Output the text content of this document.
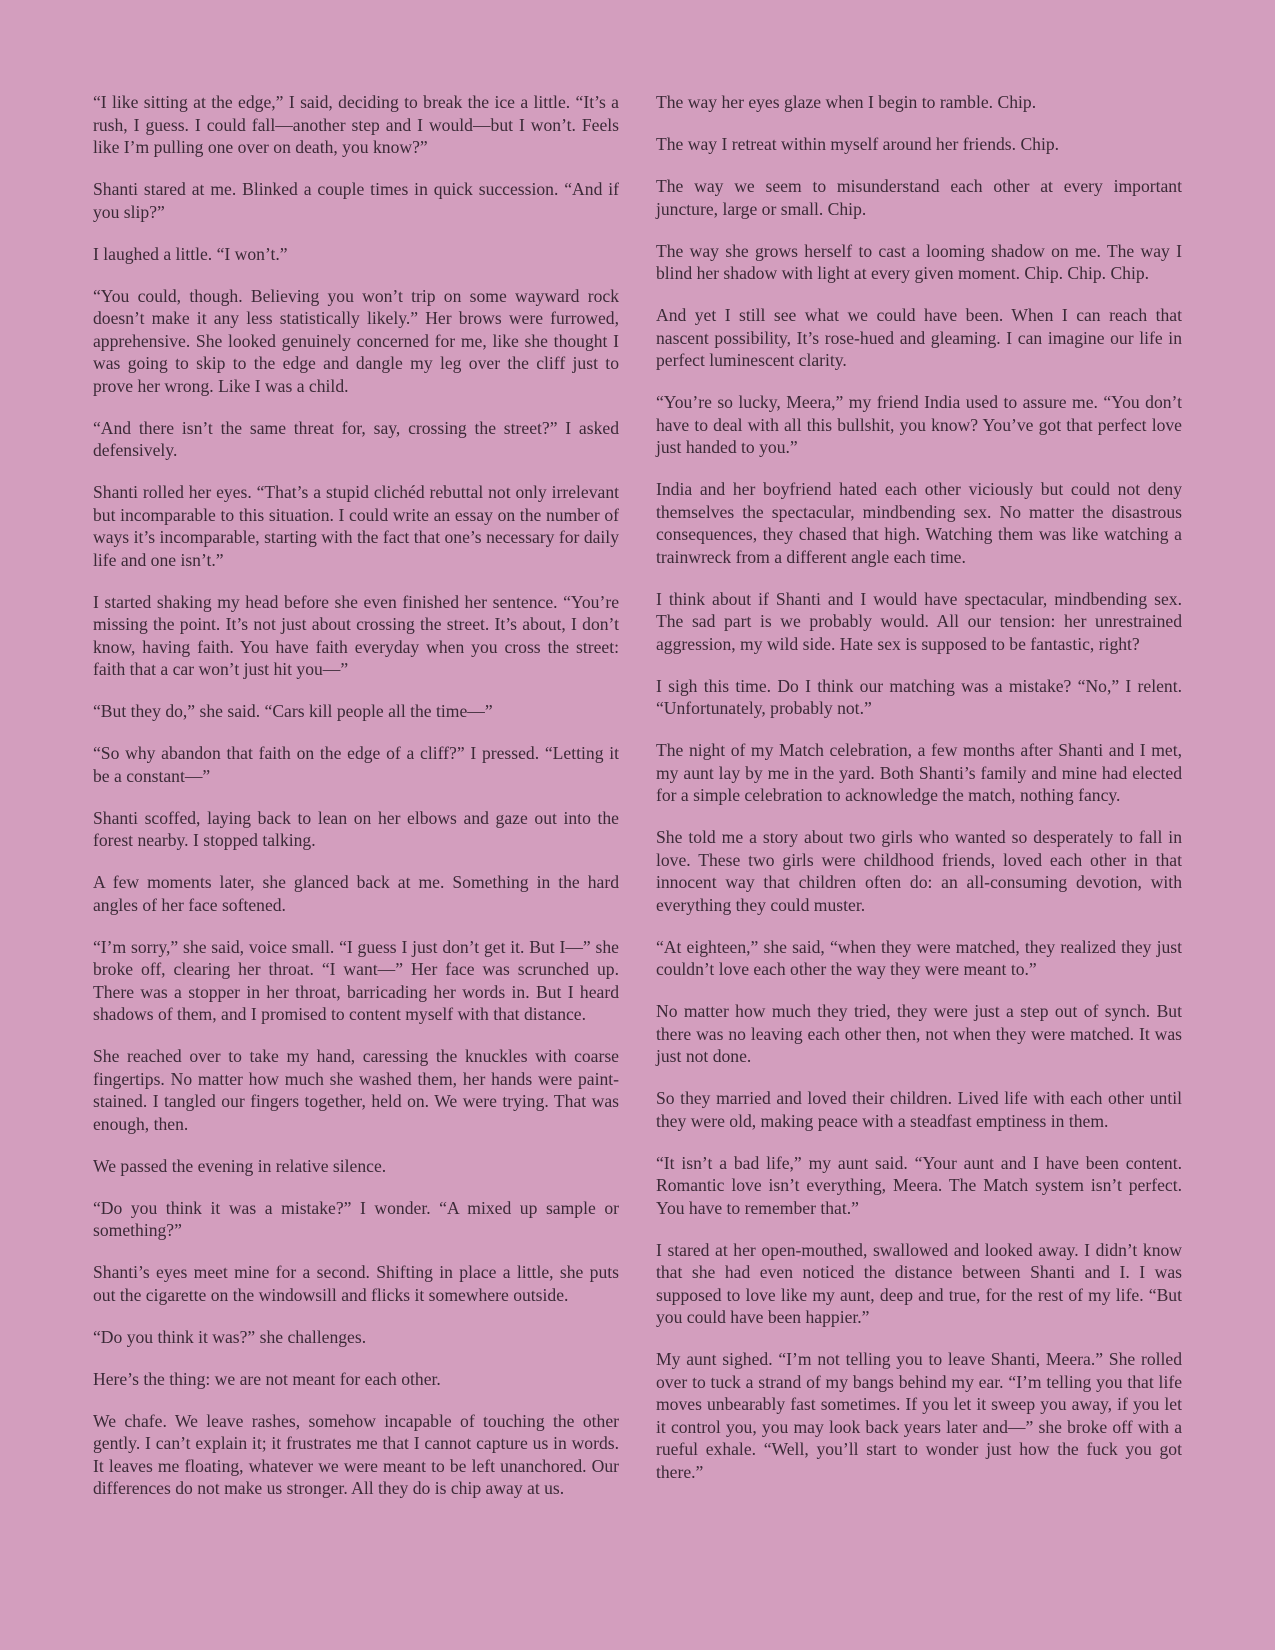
“I like sitting at the edge,” I said, deciding to break the ice a little. “It’s a rush, I guess. I could fall—another step and I would—but I won’t. Feels like I’m pulling one over on death, you know?”

Shanti stared at me. Blinked a couple times in quick succession. “And if you slip?”

I laughed a little. “I won’t.”

“You could, though. Believing you won’t trip on some wayward rock doesn’t make it any less statistically likely.” Her brows were furrowed, apprehensive. She looked genuinely concerned for me, like she thought I was going to skip to the edge and dangle my leg over the cliff just to prove her wrong. Like I was a child.

“And there isn’t the same threat for, say, crossing the street?” I asked defensively.

Shanti rolled her eyes. “That’s a stupid clichéd rebuttal not only irrelevant but incomparable to this situation. I could write an essay on the number of ways it’s incomparable, starting with the fact that one’s necessary for daily life and one isn’t.”

I started shaking my head before she even finished her sentence. “You’re missing the point. It’s not just about crossing the street. It’s about, I don’t know, having faith. You have faith everyday when you cross the street: faith that a car won’t just hit you—”

“But they do,” she said. “Cars kill people all the time—”

“So why abandon that faith on the edge of a cliff?” I pressed. “Letting it be a constant—”

Shanti scoffed, laying back to lean on her elbows and gaze out into the forest nearby. I stopped talking.

A few moments later, she glanced back at me. Something in the hard angles of her face softened.

“I’m sorry,” she said, voice small. “I guess I just don’t get it. But I—” she broke off, clearing her throat. “I want—” Her face was scrunched up. There was a stopper in her throat, barricading her words in. But I heard shadows of them, and I promised to content myself with that distance.

She reached over to take my hand, caressing the knuckles with coarse fingertips. No matter how much she washed them, her hands were paint-stained. I tangled our fingers together, held on. We were trying. That was enough, then.

We passed the evening in relative silence.

“Do you think it was a mistake?” I wonder. “A mixed up sample or something?”

Shanti’s eyes meet mine for a second. Shifting in place a little, she puts out the cigarette on the windowsill and flicks it somewhere outside.

“Do you think it was?” she challenges.

Here’s the thing: we are not meant for each other.

We chafe. We leave rashes, somehow incapable of touching the other gently. I can’t explain it; it frustrates me that I cannot capture us in words. It leaves me floating, whatever we were meant to be left unanchored. Our differences do not make us stronger. All they do is chip away at us.

The way her eyes glaze when I begin to ramble. Chip.

The way I retreat within myself around her friends. Chip.

The way we seem to misunderstand each other at every important juncture, large or small. Chip.

The way she grows herself to cast a looming shadow on me. The way I blind her shadow with light at every given moment. Chip. Chip. Chip.

And yet I still see what we could have been. When I can reach that nascent possibility, It’s rose-hued and gleaming. I can imagine our life in perfect luminescent clarity.

“You’re so lucky, Meera,” my friend India used to assure me. “You don’t have to deal with all this bullshit, you know? You’ve got that perfect love just handed to you.”

India and her boyfriend hated each other viciously but could not deny themselves the spectacular, mindbending sex. No matter the disastrous consequences, they chased that high. Watching them was like watching a trainwreck from a different angle each time.

I think about if Shanti and I would have spectacular, mindbending sex. The sad part is we probably would. All our tension: her unrestrained aggression, my wild side. Hate sex is supposed to be fantastic, right?

I sigh this time. Do I think our matching was a mistake? “No,” I relent. “Unfortunately, probably not.”

The night of my Match celebration, a few months after Shanti and I met, my aunt lay by me in the yard. Both Shanti’s family and mine had elected for a simple celebration to acknowledge the match, nothing fancy.

She told me a story about two girls who wanted so desperately to fall in love. These two girls were childhood friends, loved each other in that innocent way that children often do: an all-consuming devotion, with everything they could muster.

“At eighteen,” she said, “when they were matched, they realized they just couldn’t love each other the way they were meant to.”

No matter how much they tried, they were just a step out of synch. But there was no leaving each other then, not when they were matched. It was just not done.

So they married and loved their children. Lived life with each other until they were old, making peace with a steadfast emptiness in them.

“It isn’t a bad life,” my aunt said. “Your aunt and I have been content. Romantic love isn’t everything, Meera. The Match system isn’t perfect. You have to remember that.”

I stared at her open-mouthed, swallowed and looked away. I didn’t know that she had even noticed the distance between Shanti and I. I was supposed to love like my aunt, deep and true, for the rest of my life. “But you could have been happier.”

My aunt sighed. “I’m not telling you to leave Shanti, Meera.” She rolled over to tuck a strand of my bangs behind my ear. “I’m telling you that life moves unbearably fast sometimes. If you let it sweep you away, if you let it control you, you may look back years later and—” she broke off with a rueful exhale. “Well, you’ll start to wonder just how the fuck you got there.”
